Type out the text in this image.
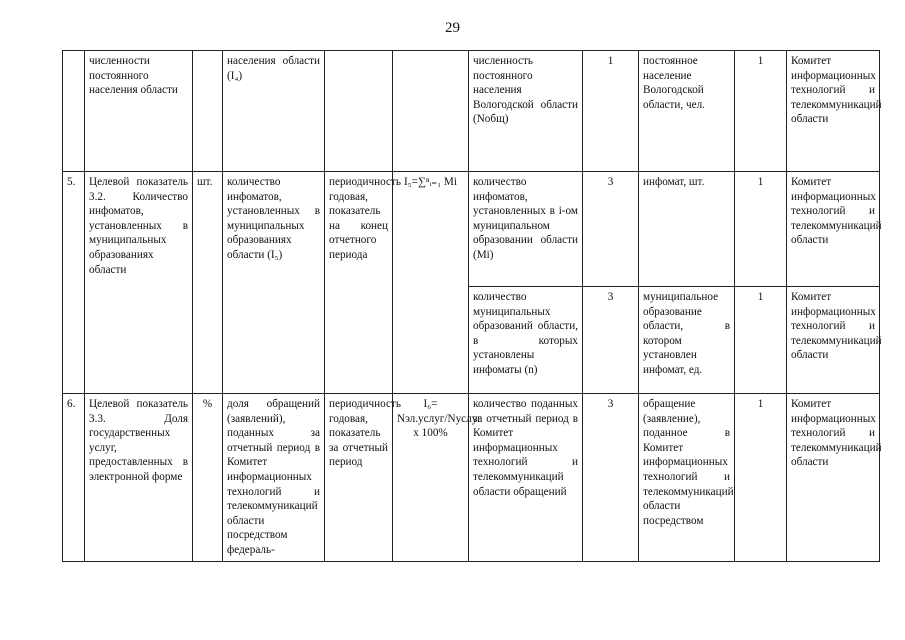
29
	численности постоянного населения области		населения области (I₄)			численность постоянного населения Вологодской области (Nобщ)	1	постоянное население Вологодской области, чел.	1	Комитет информационных технологий и телекоммуникаций области
5.	Целевой показатель 3.2. Количество инфоматов, установленных в муниципальных образованиях области	шт.	количество инфоматов, установленных в муниципальных образованиях области (I₅)	периодичность годовая, показатель на конец отчетного периода	I₅=∑ⁿᵢ₌₁ Mi	количество инфоматов, установленных в i-ом муниципальном образовании области (Mi)	3	инфомат, шт.	1	Комитет информационных технологий и телекоммуникаций области
						количество муниципальных образований области, в которых установлены инфоматы (n)	3	муниципальное образование области, в котором установлен инфомат, ед.	1	Комитет информационных технологий и телекоммуникаций области
6.	Целевой показатель 3.3. Доля государственных услуг, предоставленных в электронной форме	%	доля обращений (заявлений), поданных за отчетный период в Комитет информационных технологий и телекоммуникаций области посредством федераль-	периодичность годовая, показатель за отчетный период	I₆= Nэл.услуг/Nуслуг х 100%	количество поданных за отчетный период в Комитет информационных технологий и телекоммуникаций области обращений	3	обращение (заявление), поданное в Комитет информационных технологий и телекоммуникаций области посредством	1	Комитет информационных технологий и телекоммуникаций области
